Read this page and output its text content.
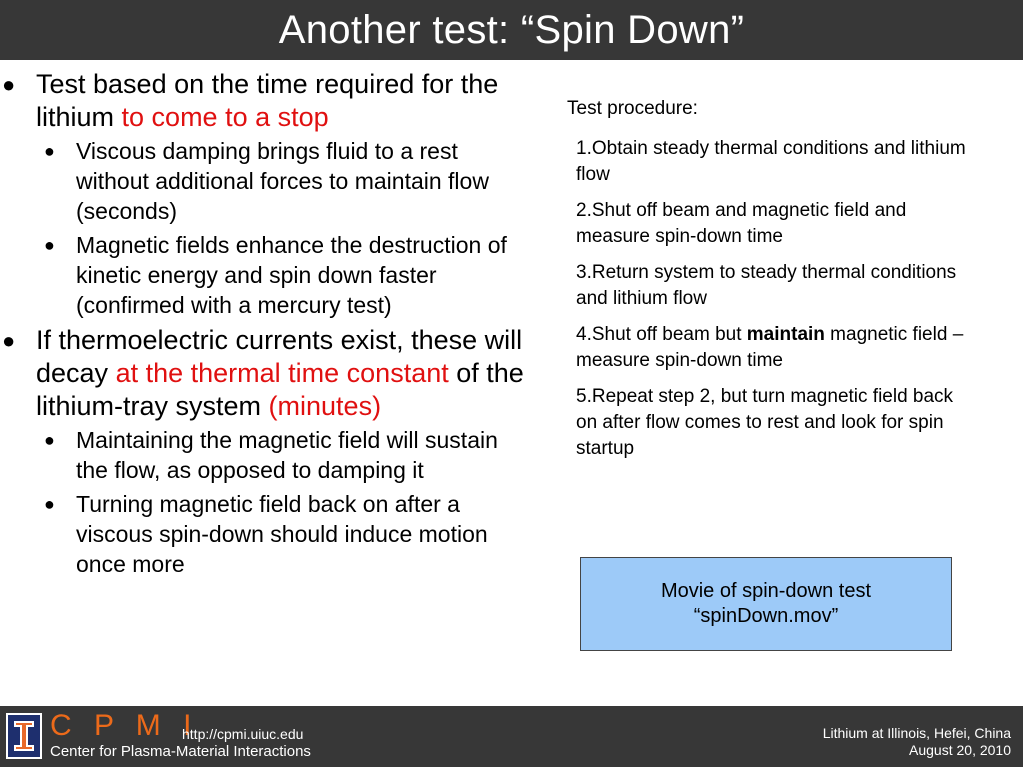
Another test: “Spin Down”
● Test based on the time required for the lithium to come to a stop
● Viscous damping brings fluid to a rest without additional forces to maintain flow (seconds)
● Magnetic fields enhance the destruction of kinetic energy and spin down faster (confirmed with a mercury test)
● If thermoelectric currents exist, these will decay at the thermal time constant of the lithium-tray system (minutes)
● Maintaining the magnetic field will sustain the flow, as opposed to damping it
● Turning magnetic field back on after a viscous spin-down should induce motion once more

Test procedure:

1.Obtain steady thermal conditions and lithium flow

2.Shut off beam and magnetic field and measure spin-down time

3.Return system to steady thermal conditions and lithium flow

4.Shut off beam but maintain magnetic field – measure spin-down time

5.Repeat step 2, but turn magnetic field back on after flow comes to rest and look for spin startup

Movie of spin-down test
“spinDown.mov”
C P M I
Center for Plasma-Material Interactions
http://cpmi.uiuc.edu	Lithium at Illinois, Hefei, China
August 20, 2010
